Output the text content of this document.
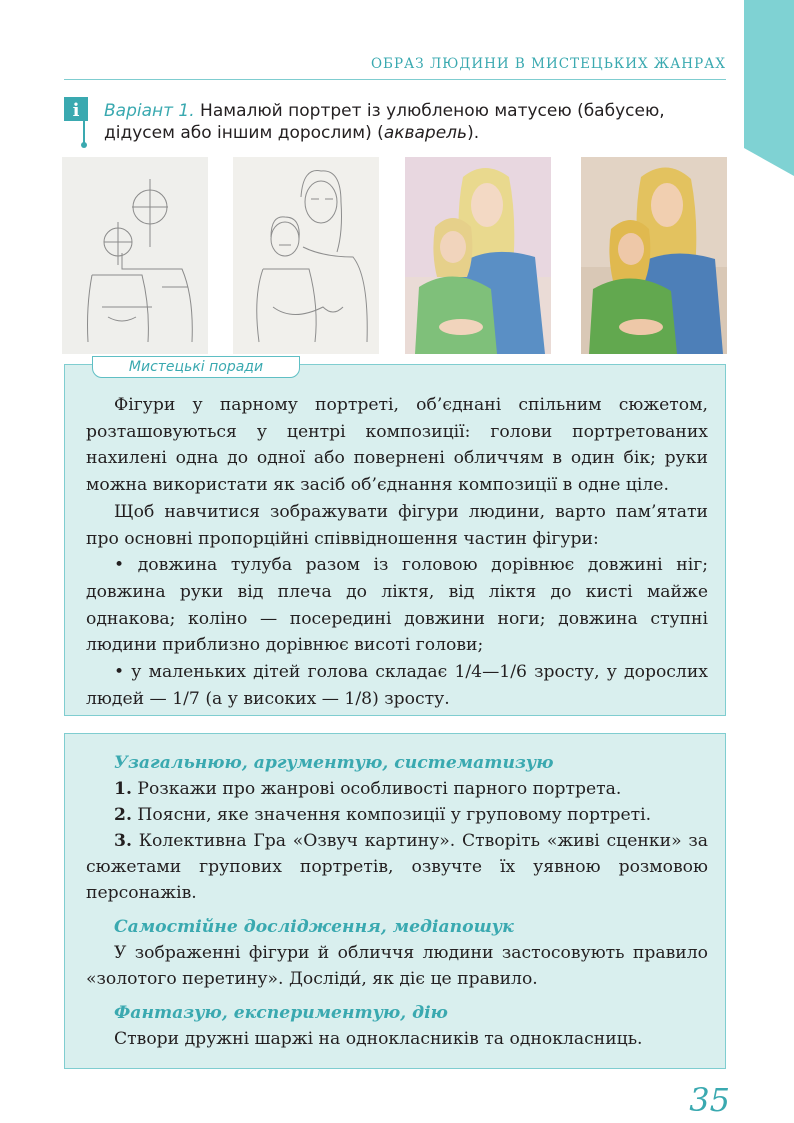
ОБРАЗ ЛЮДИНИ В МИСТЕЦЬКИХ ЖАНРАХ
i Варіант 1. Намалюй портрет із улюбленою матусею (бабусею, дідусем або іншим дорослим) (акварель).
Мистецькі поради

Фігури у парному портреті, об’єднані спільним сюжетом, розташовуються у центрі композиції: голови портретованих нахилені одна до одної або повернені обличчям в один бік; руки можна використати як засіб об’єднання композиції в одне ціле.

Щоб навчитися зображувати фігури людини, варто пам’ятати про основні пропорційні співвідношення частин фігури:

• довжина тулуба разом із головою дорівнює довжині ніг; довжина руки від плеча до ліктя, від ліктя до кисті майже однакова; коліно — посередині довжини ноги; довжина ступні людини приблизно дорівнює висоті голови;

• у маленьких дітей голова складає 1/4—1/6 зросту, у дорослих людей — 1/7 (а у високих — 1/8) зросту.

Узагальнюю, аргументую, систематизую

1. Розкажи про жанрові особливості парного портрета.

2. Поясни, яке значення композиції у груповому портреті.

3. Колективна Гра «Озвуч картину». Створіть «живі сценки» за сюжетами групових портретів, озвучте їх уявною розмовою персонажів.

Самостійне дослідження, медіапошук

У зображенні фігури й обличчя людини застосовують правило «золотого перетину». Досліди́, як діє це правило.

Фантазую, експериментую, дію

Створи дружні шаржі на однокласників та однокласниць.

35
